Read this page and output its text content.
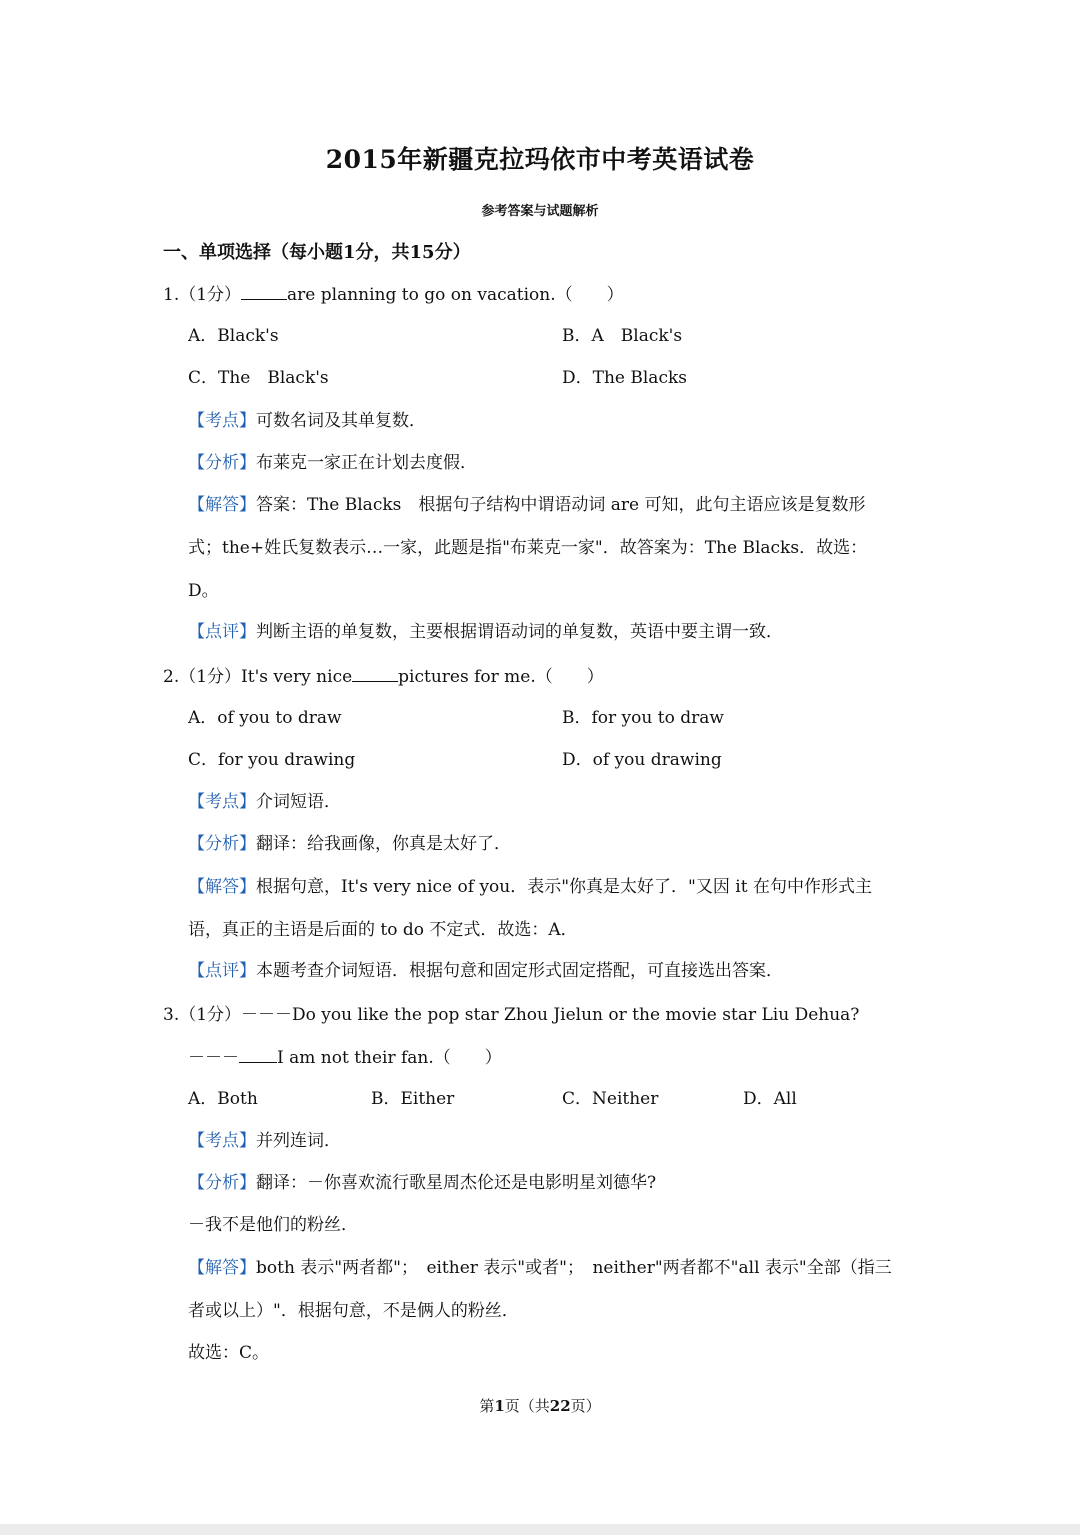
2015年新疆克拉玛依市中考英语试卷
参考答案与试题解析
一、单项选择（每小题1分，共15分）
1.（1分）	are planning to go on vacation.（　　）
A．Black's	B．A　Black's
C．The　Black's	D．The Blacks
【考点】可数名词及其单复数．
【分析】布莱克一家正在计划去度假．
【解答】答案：The Blacks　根据句子结构中谓语动词 are 可知，此句主语应该是复数形
式；the+姓氏复数表示…一家，此题是指"布莱克一家"．故答案为：The Blacks．故选：
D。
【点评】判断主语的单复数，主要根据谓语动词的单复数，英语中要主谓一致．
2.（1分）It's very nice	pictures for me.（　　）
A．of you to draw	B．for you to draw
C．for you drawing	D．of you drawing
【考点】介词短语．
【分析】翻译：给我画像，你真是太好了．
【解答】根据句意，It's very nice of you．表示"你真是太好了．"又因 it 在句中作形式主
语，真正的主语是后面的 to do 不定式．故选：A．
【点评】本题考查介词短语．根据句意和固定形式固定搭配，可直接选出答案．
3.（1分）－－－Do you like the pop star Zhou Jielun or the movie star Liu Dehua?
－－－ I am not their fan.（　　）
A．Both	B．Either	C．Neither	D．All
【考点】并列连词．
【分析】翻译：－你喜欢流行歌星周杰伦还是电影明星刘德华?
－我不是他们的粉丝．
【解答】both 表示"两者都"；　either 表示"或者"；　neither"两者都不"all 表示"全部（指三
者或以上）"．根据句意，不是俩人的粉丝．
故选：C。
第1页（共22页）
